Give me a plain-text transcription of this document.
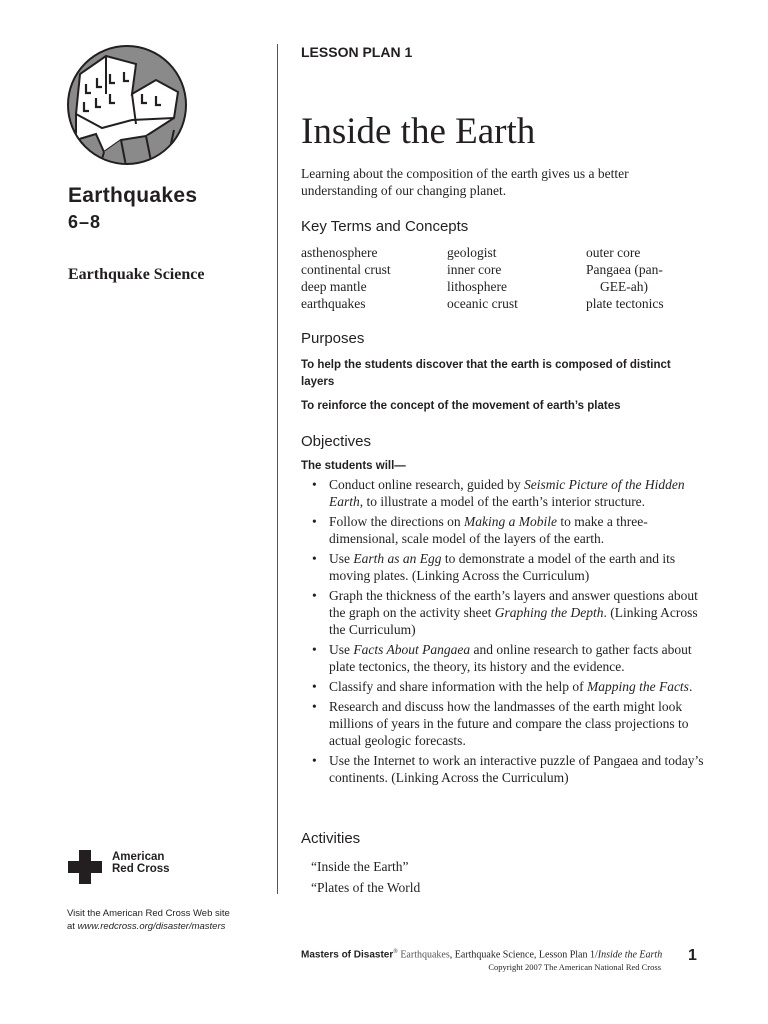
Earthquakes
6–8
Earthquake Science
American
Red Cross
Visit the American Red Cross Web site
at www.redcross.org/disaster/masters
LESSON PLAN 1
Inside the Earth

Learning about the composition of the earth gives us a better understanding of our changing planet.

Key Terms and Concepts
asthenosphere
continental crust
deep mantle
earthquakes
geologist
inner core
lithosphere
oceanic crust
outer core
Pangaea (pan-
GEE-ah)
plate tectonics
Purposes

To help the students discover that the earth is composed of distinct layers

To reinforce the concept of the movement of earth’s plates

Objectives
The students will—
• Conduct online research, guided by Seismic Picture of the Hidden Earth, to illustrate a model of the earth’s interior structure.
• Follow the directions on Making a Mobile to make a three-dimensional, scale model of the layers of the earth.
• Use Earth as an Egg to demonstrate a model of the earth and its moving plates. (Linking Across the Curriculum)
• Graph the thickness of the earth’s layers and answer questions about the graph on the activity sheet Graphing the Depth. (Linking Across the Curriculum)
• Use Facts About Pangaea and online research to gather facts about plate tectonics, the theory, its history and the evidence.
• Classify and share information with the help of Mapping the Facts.
• Research and discuss how the landmasses of the earth might look millions of years in the future and compare the class projections to actual geologic forecasts.
• Use the Internet to work an interactive puzzle of Pangaea and today’s continents. (Linking Across the Curriculum)
Activities
“Inside the Earth”
“Plates of the World
Masters of Disaster® Earthquakes, Earthquake Science, Lesson Plan 1/Inside the Earth
Copyright 2007 The American National Red Cross
1
